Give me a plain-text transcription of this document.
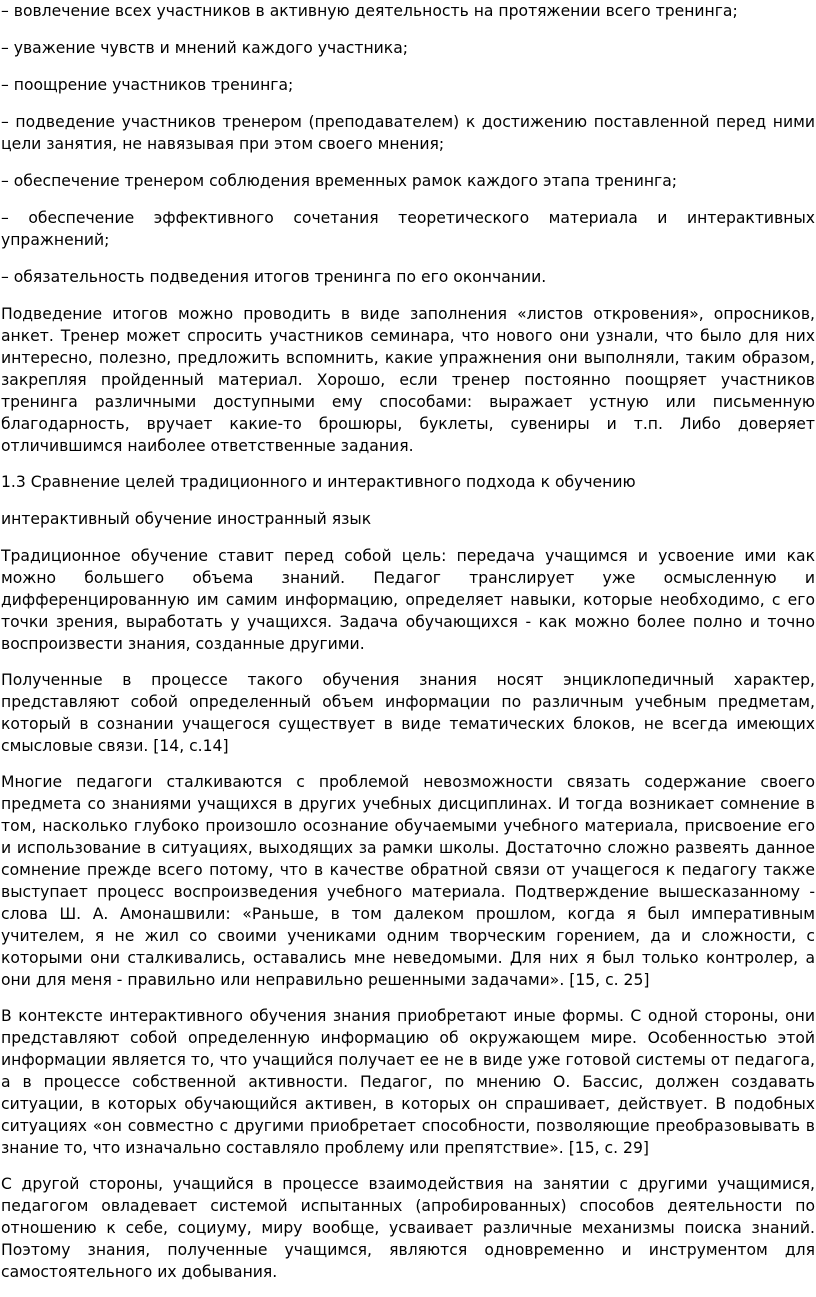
– вовлечение всех участников в активную деятельность на протяжении всего тренинга;

– уважение чувств и мнений каждого участника;

– поощрение участников тренинга;

– подведение участников тренером (преподавателем) к достижению поставленной перед ними цели занятия, не навязывая при этом своего мнения;

– обеспечение тренером соблюдения временных рамок каждого этапа тренинга;

– обеспечение эффективного сочетания теоретического материала и интерактивных упражнений;

– обязательность подведения итогов тренинга по его окончании.

Подведение итогов можно проводить в виде заполнения «листов откровения», опросников, анкет. Тренер может спросить участников семинара, что нового они узнали, что было для них интересно, полезно, предложить вспомнить, какие упражнения они выполняли, таким образом, закрепляя пройденный материал. Хорошо, если тренер постоянно поощряет участников тренинга различными доступными ему способами: выражает устную или письменную благодарность, вручает какие-то брошюры, буклеты, сувениры и т.п. Либо доверяет отличившимся наиболее ответственные задания.

1.3 Сравнение целей традиционного и интерактивного подхода к обучению

интерактивный обучение иностранный язык

Традиционное обучение ставит перед собой цель: передача учащимся и усвоение ими как можно большего объема знаний. Педагог транслирует уже осмысленную и дифференцированную им самим информацию, определяет навыки, которые необходимо, с его точки зрения, выработать у учащихся. Задача обучающихся - как можно более полно и точно воспроизвести знания, созданные другими.

Полученные в процессе такого обучения знания носят энциклопедичный характер, представляют собой определенный объем информации по различным учебным предметам, который в сознании учащегося существует в виде тематических блоков, не всегда имеющих смысловые связи. [14, с.14]

Многие педагоги сталкиваются с проблемой невозможности связать содержание своего предмета со знаниями учащихся в других учебных дисциплинах. И тогда возникает сомнение в том, насколько глубоко произошло осознание обучаемыми учебного материала, присвоение его и использование в ситуациях, выходящих за рамки школы. Достаточно сложно развеять данное сомнение прежде всего потому, что в качестве обратной связи от учащегося к педагогу также выступает процесс воспроизведения учебного материала. Подтверждение вышесказанному - слова Ш. А. Амонашвили: «Раньше, в том далеком прошлом, когда я был императивным учителем, я не жил со своими учениками одним творческим горением, да и сложности, с которыми они сталкивались, оставались мне неведомыми. Для них я был только контролер, а они для меня - правильно или неправильно решенными задачами». [15, с. 25]

В контексте интерактивного обучения знания приобретают иные формы. С одной стороны, они представляют собой определенную информацию об окружающем мире. Особенностью этой информации является то, что учащийся получает ее не в виде уже готовой системы от педагога, а в процессе собственной активности. Педагог, по мнению О. Бассис, должен создавать ситуации, в которых обучающийся активен, в которых он спрашивает, действует. В подобных ситуациях «он совместно с другими приобретает способности, позволяющие преобразовывать в знание то, что изначально составляло проблему или препятствие». [15, с. 29]

С другой стороны, учащийся в процессе взаимодействия на занятии с другими учащимися, педагогом овладевает системой испытанных (апробированных) способов деятельности по отношению к себе, социуму, миру вообще, усваивает различные механизмы поиска знаний. Поэтому знания, полученные учащимся, являются одновременно и инструментом для самостоятельного их добывания.
